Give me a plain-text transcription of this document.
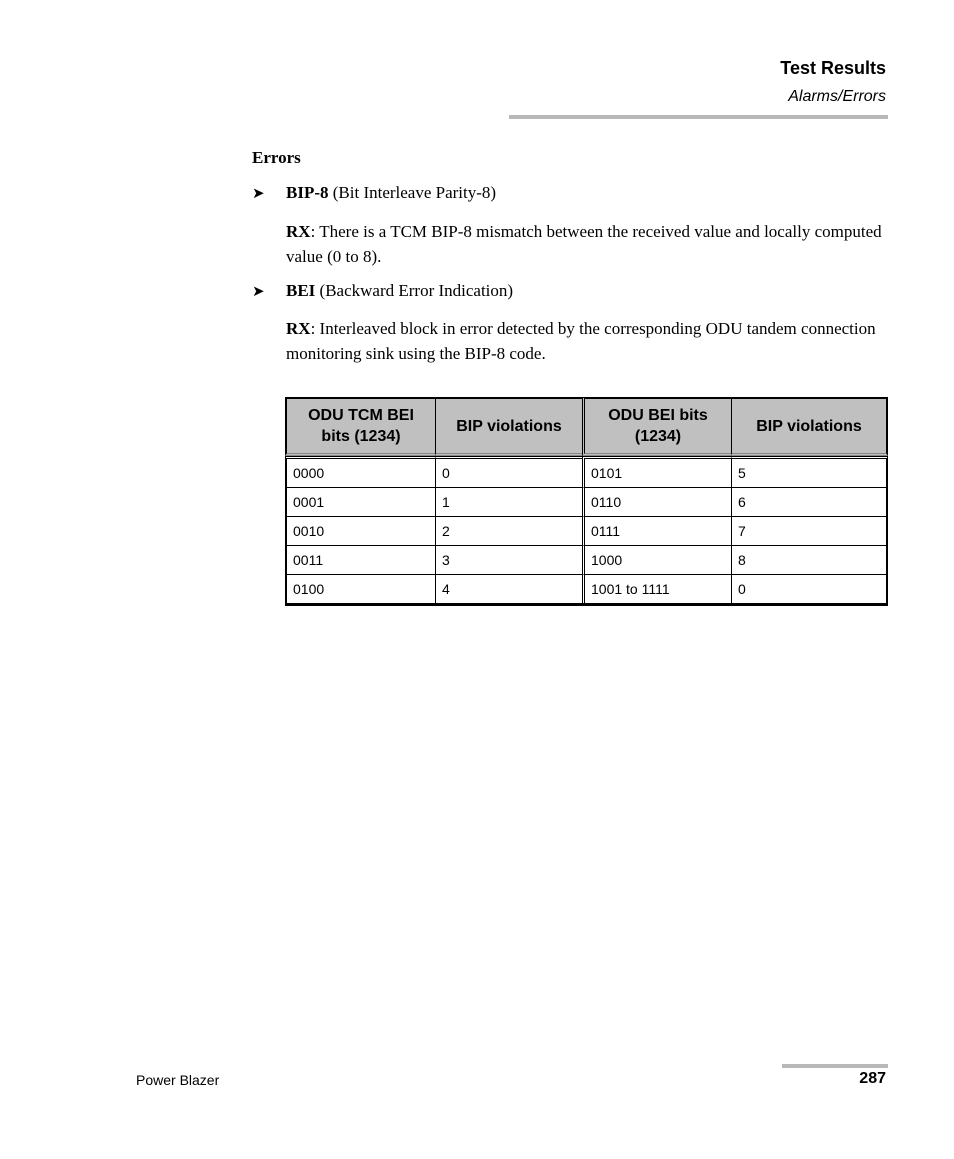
Test Results
Alarms/Errors
Errors
➤ BIP-8 (Bit Interleave Parity-8)
RX: There is a TCM BIP-8 mismatch between the received value and locally computed value (0 to 8).
➤ BEI (Backward Error Indication)
RX: Interleaved block in error detected by the corresponding ODU tandem connection monitoring sink using the BIP-8 code.
ODU TCM BEI bits (1234)	BIP violations	ODU BEI bits (1234)	BIP violations
0000	0	0101	5
0001	1	0110	6
0010	2	0111	7
0011	3	1000	8
0100	4	1001 to 1111	0
Power Blazer	287
